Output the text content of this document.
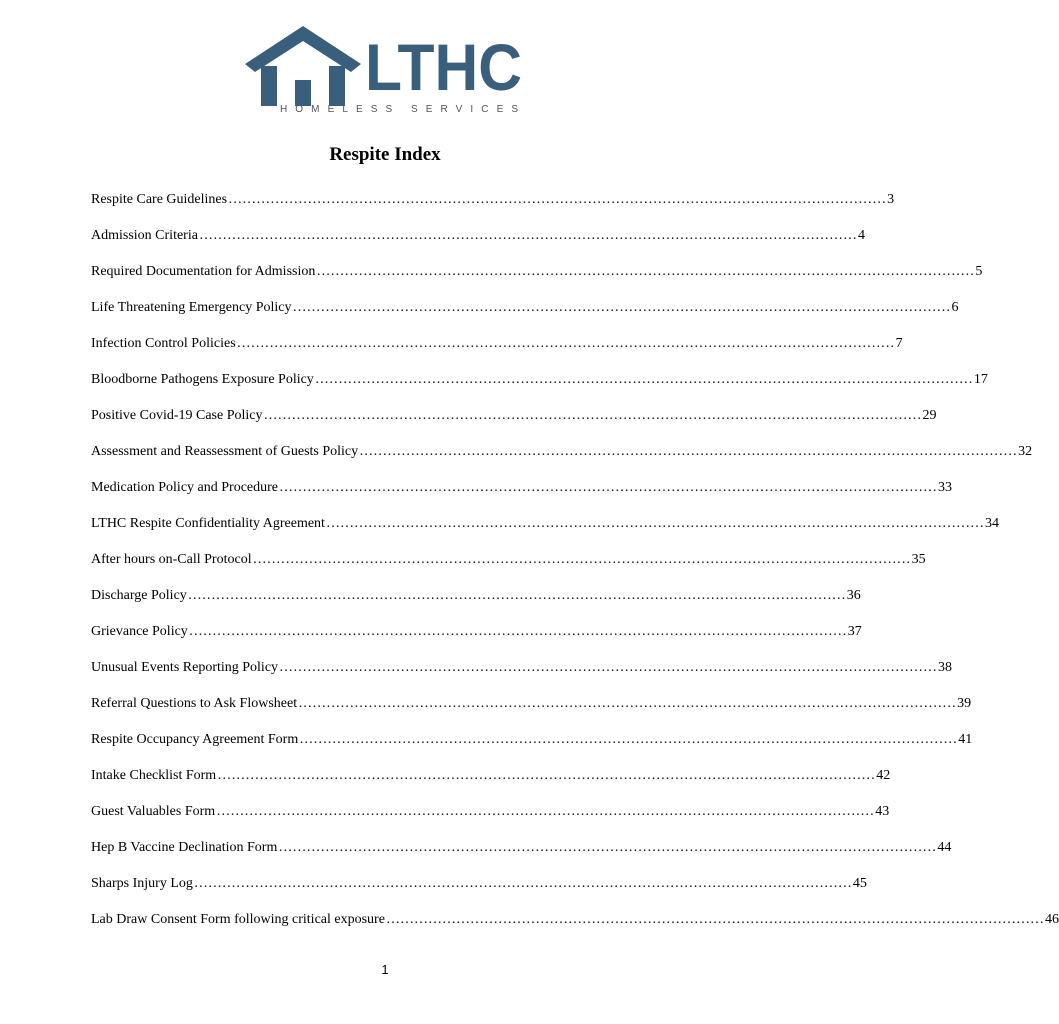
LTHC
HOMELESS SERVICES
Respite Index
Respite Care Guidelines …………………………………………………………………………………………………………………………… 3
Admission Criteria …………………………………………………………………………………………………………………………… 4
Required Documentation for Admission …………………………………………………………………………………………………………………………… 5
Life Threatening Emergency Policy …………………………………………………………………………………………………………………………… 6
Infection Control Policies …………………………………………………………………………………………………………………………… 7
Bloodborne Pathogens Exposure Policy …………………………………………………………………………………………………………………………… 17
Positive Covid-19 Case Policy …………………………………………………………………………………………………………………………… 29
Assessment and Reassessment of Guests Policy …………………………………………………………………………………………………………………………… 32
Medication Policy and Procedure …………………………………………………………………………………………………………………………… 33
LTHC Respite Confidentiality Agreement …………………………………………………………………………………………………………………………… 34
After hours on-Call Protocol …………………………………………………………………………………………………………………………… 35
Discharge Policy …………………………………………………………………………………………………………………………… 36
Grievance Policy …………………………………………………………………………………………………………………………… 37
Unusual Events Reporting Policy …………………………………………………………………………………………………………………………… 38
Referral Questions to Ask Flowsheet …………………………………………………………………………………………………………………………… 39
Respite Occupancy Agreement Form …………………………………………………………………………………………………………………………… 41
Intake Checklist Form …………………………………………………………………………………………………………………………… 42
Guest Valuables Form …………………………………………………………………………………………………………………………… 43
Hep B Vaccine Declination Form …………………………………………………………………………………………………………………………… 44
Sharps Injury Log …………………………………………………………………………………………………………………………… 45
Lab Draw Consent Form following critical exposure …………………………………………………………………………………………………………………………… 46
1
